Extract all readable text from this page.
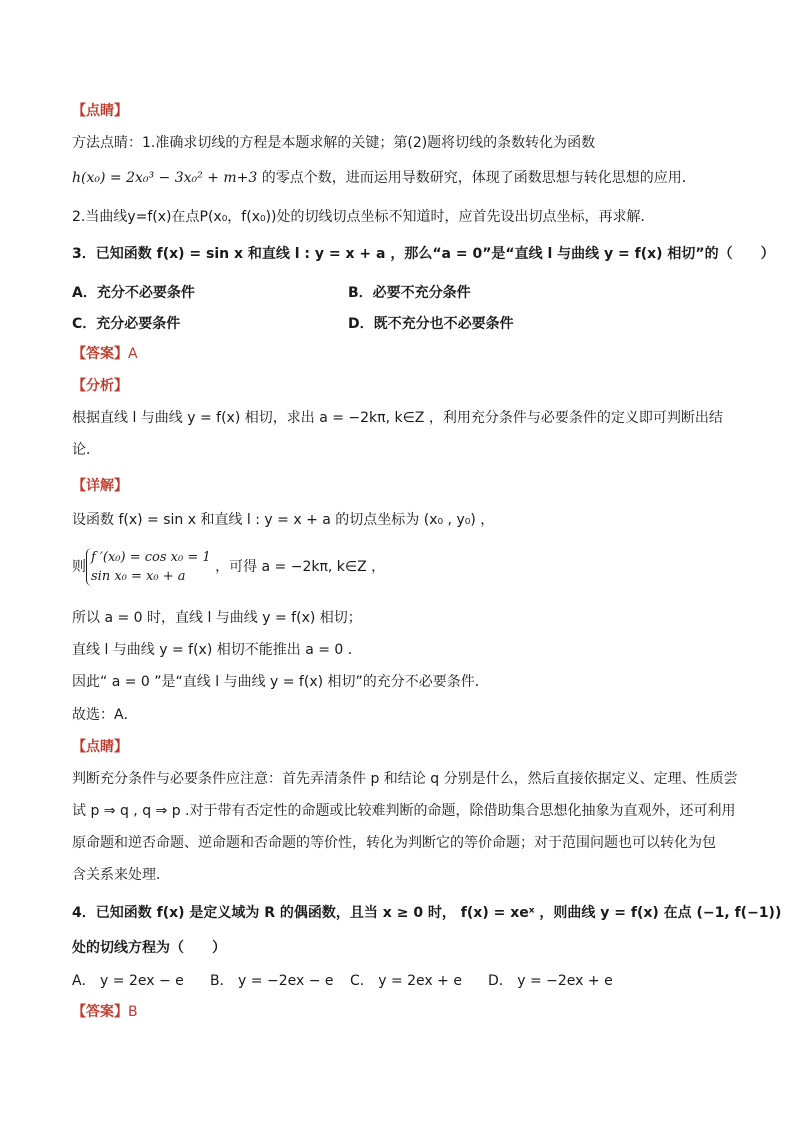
【点睛】
方法点睛：1.准确求切线的方程是本题求解的关键；第(2)题将切线的条数转化为函数
h(x₀) = 2x₀³ − 3x₀² + m+3 的零点个数，进而运用导数研究，体现了函数思想与转化思想的应用．
2.当曲线y=f(x)在点P(x₀，f(x₀))处的切线切点坐标不知道时，应首先设出切点坐标，再求解．
3．已知函数 f(x) = sin x 和直线 l : y = x + a ，那么“a = 0”是“直线 l 与曲线 y = f(x) 相切”的（　　）
A．充分不必要条件	B．必要不充分条件
C．充分必要条件	D．既不充分也不必要条件
【答案】A
【分析】
根据直线 l 与曲线 y = f(x) 相切，求出 a = −2kπ, k∈Z ，利用充分条件与必要条件的定义即可判断出结
论．
【详解】
设函数 f(x) = sin x 和直线 l : y = x + a 的切点坐标为 (x₀ , y₀) ，
则
f ′(x₀) = cos x₀ = 1
sin x₀ = x₀ + a
，可得 a = −2kπ, k∈Z ，
所以 a = 0 时，直线 l 与曲线 y = f(x) 相切；
直线 l 与曲线 y = f(x) 相切不能推出 a = 0 ．
因此“ a = 0 ”是“直线 l 与曲线 y = f(x) 相切”的充分不必要条件．
故选：A．
【点睛】
判断充分条件与必要条件应注意：首先弄清条件 p 和结论 q 分别是什么，然后直接依据定义、定理、性质尝
试 p ⇒ q , q ⇒ p .对于带有否定性的命题或比较难判断的命题，除借助集合思想化抽象为直观外，还可利用
原命题和逆否命题、逆命题和否命题的等价性，转化为判断它的等价命题；对于范围问题也可以转化为包
含关系来处理．
4．已知函数 f(x) 是定义域为 R 的偶函数，且当 x ≥ 0 时， f(x) = xeˣ ，则曲线 y = f(x) 在点 (−1, f(−1))
处的切线方程为（　　）
A． y = 2ex − e B． y = −2ex − e C． y = 2ex + e D． y = −2ex + e
【答案】B
